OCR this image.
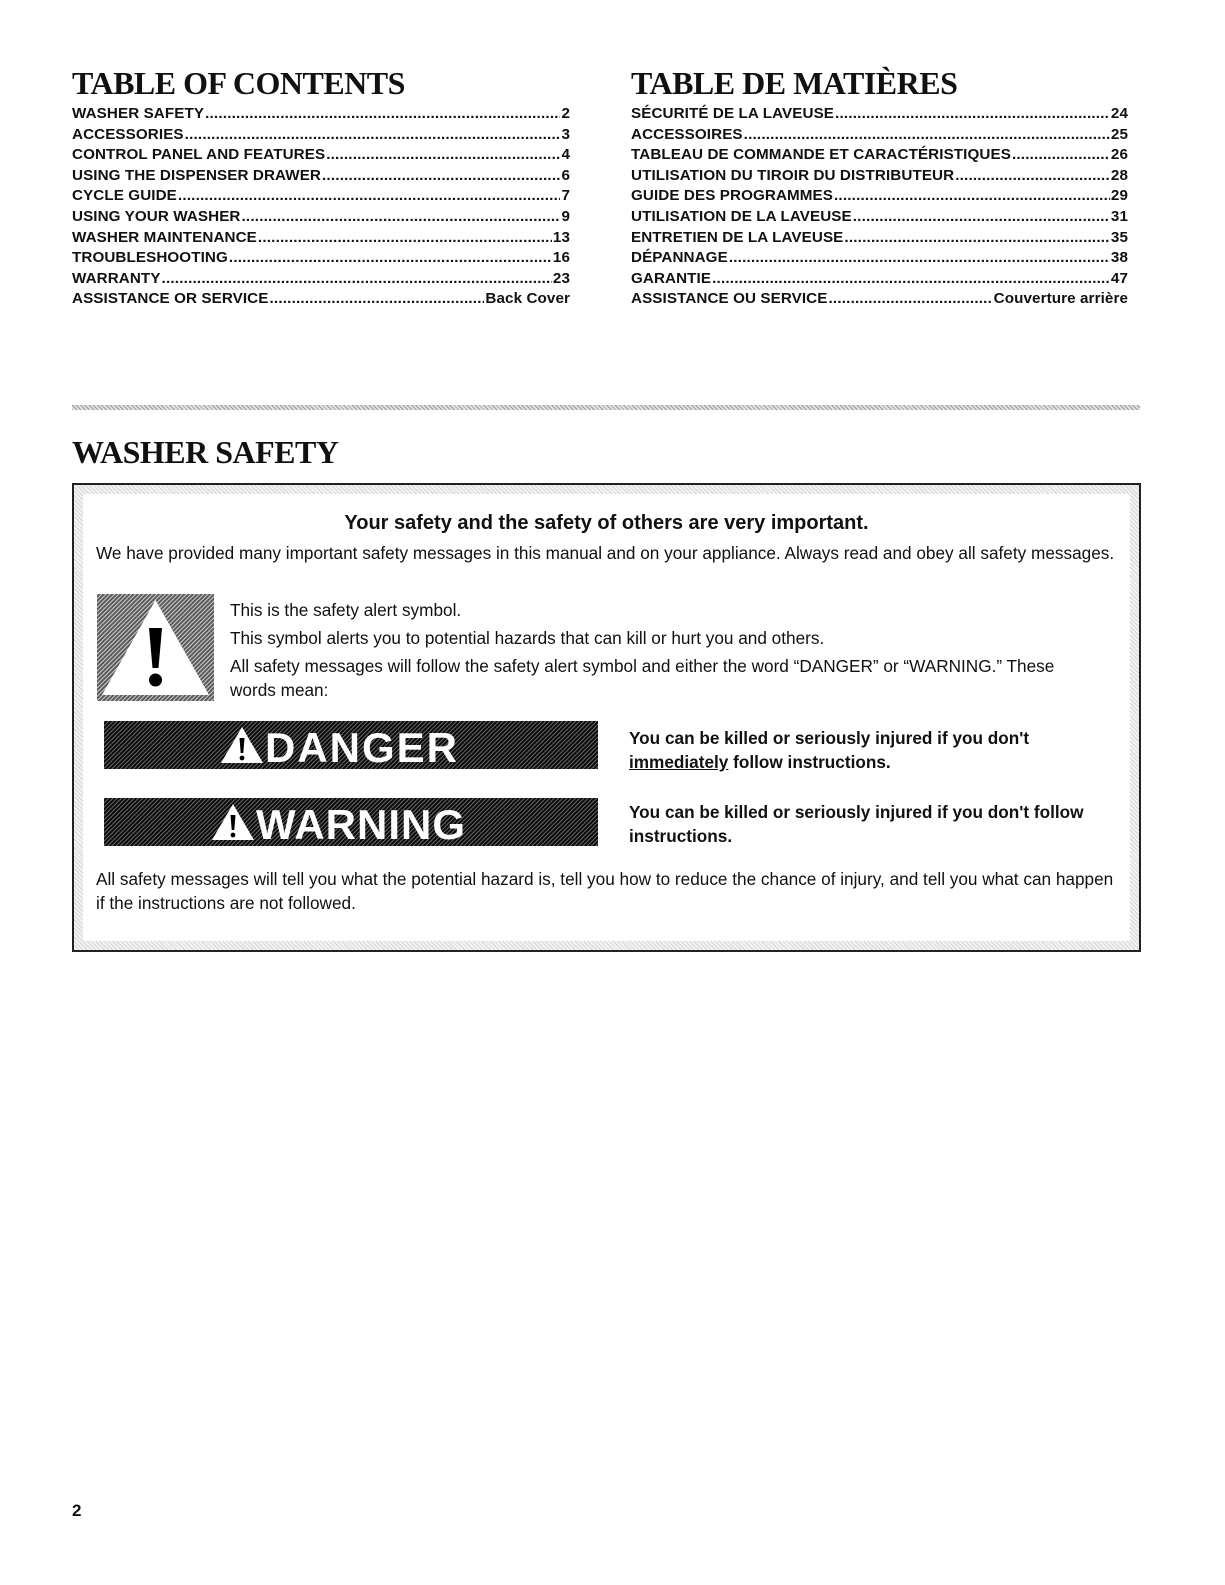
TABLE OF CONTENTS
WASHER SAFETY .....	2
ACCESSORIES .....	3
CONTROL PANEL AND FEATURES .....	4
USING THE DISPENSER DRAWER .....	6
CYCLE GUIDE .....	7
USING YOUR WASHER .....	9
WASHER MAINTENANCE .....	13
TROUBLESHOOTING .....	16
WARRANTY .....	23
ASSISTANCE OR SERVICE .....	Back Cover
TABLE DE MATIÈRES
SÉCURITÉ DE LA LAVEUSE .....	24
ACCESSOIRES .....	25
TABLEAU DE COMMANDE ET CARACTÉRISTIQUES .....	26
UTILISATION DU TIROIR DU DISTRIBUTEUR .....	28
GUIDE DES PROGRAMMES .....	29
UTILISATION DE LA LAVEUSE .....	31
ENTRETIEN DE LA LAVEUSE .....	35
DÉPANNAGE .....	38
GARANTIE .....	47
ASSISTANCE OU SERVICE .....	Couverture arrière
WASHER SAFETY
Your safety and the safety of others are very important.

We have provided many important safety messages in this manual and on your appliance. Always read and obey all safety messages.

This is the safety alert symbol.

This symbol alerts you to potential hazards that can kill or hurt you and others.

All safety messages will follow the safety alert symbol and either the word “DANGER” or “WARNING.” These words mean:

DANGER	You can be killed or seriously injured if you don't
immediately follow instructions.

WARNING	You can be killed or seriously injured if you don't follow instructions.

All safety messages will tell you what the potential hazard is, tell you how to reduce the chance of injury, and tell you what can happen if the instructions are not followed.

2
